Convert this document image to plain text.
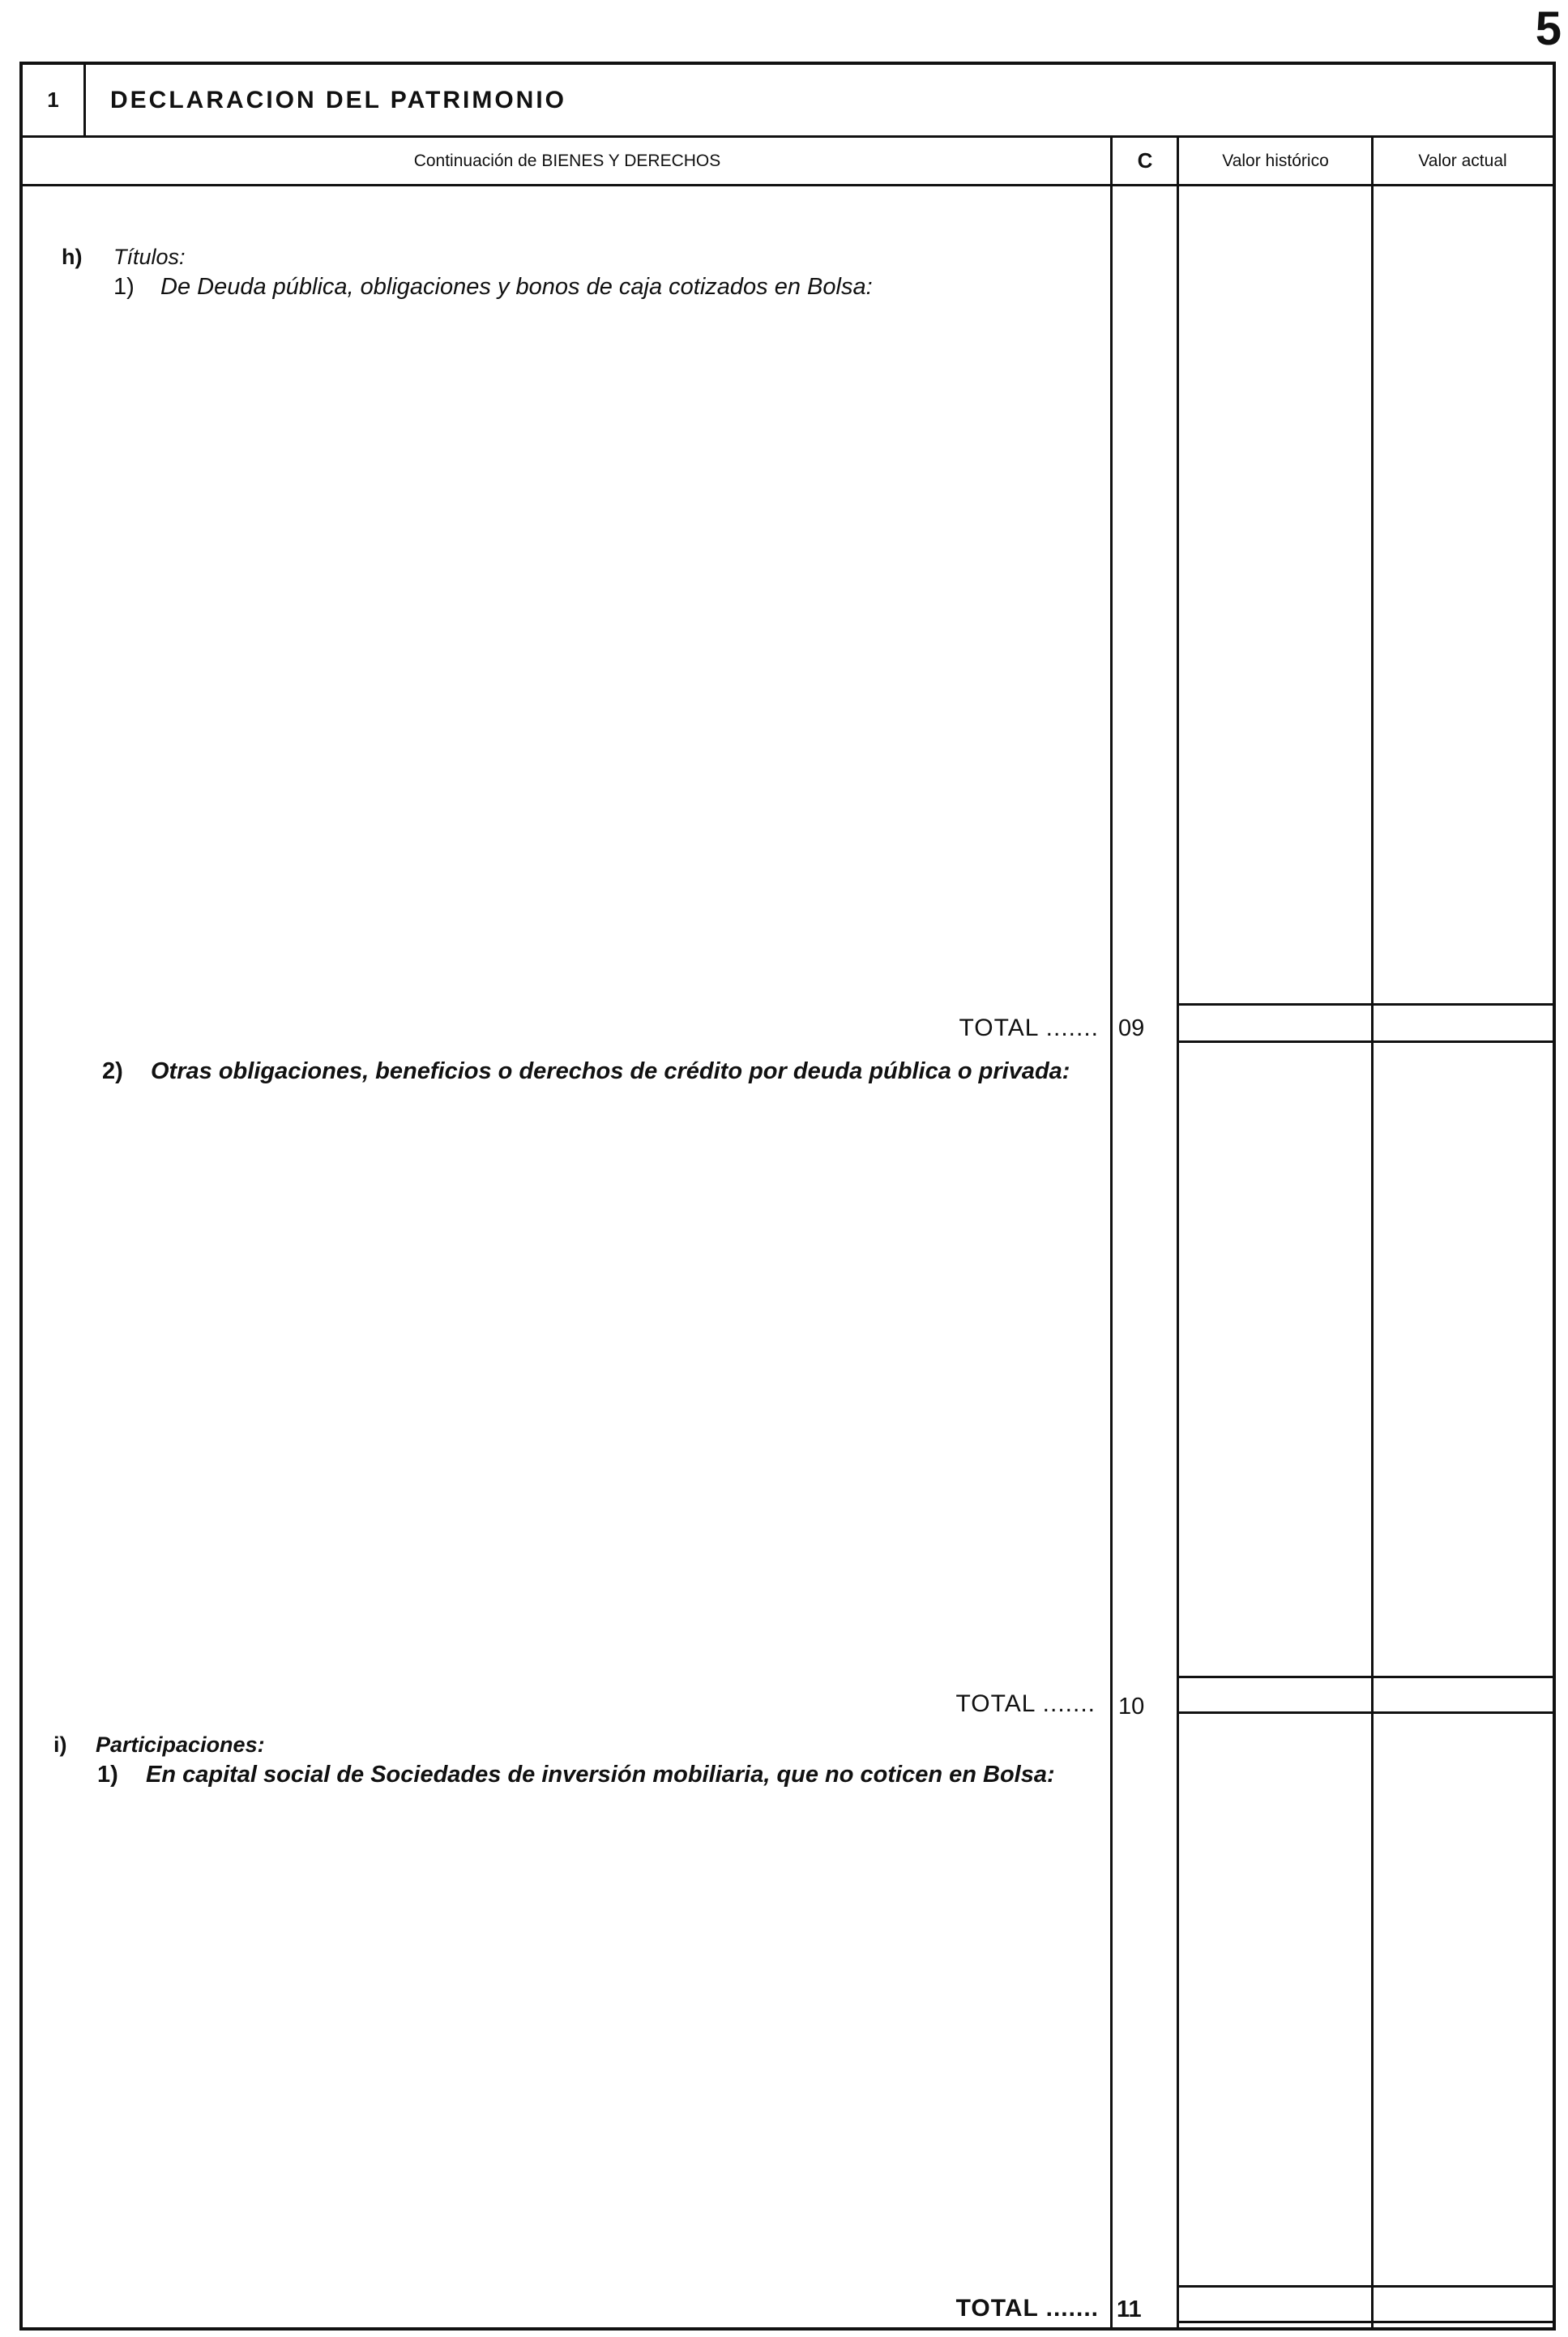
5
1	DECLARACION DEL PATRIMONIO
Continuación de BIENES Y DERECHOS	C	Valor histórico	Valor actual
h) Títulos:
1) De Deuda pública, obligaciones y bonos de caja cotizados en Bolsa:
TOTAL ....... 09
2) Otras obligaciones, beneficios o derechos de crédito por deuda pública o privada:
TOTAL ....... 10
i) Participaciones:
1) En capital social de Sociedades de inversión mobiliaria, que no coticen en Bolsa:
TOTAL ....... 11
